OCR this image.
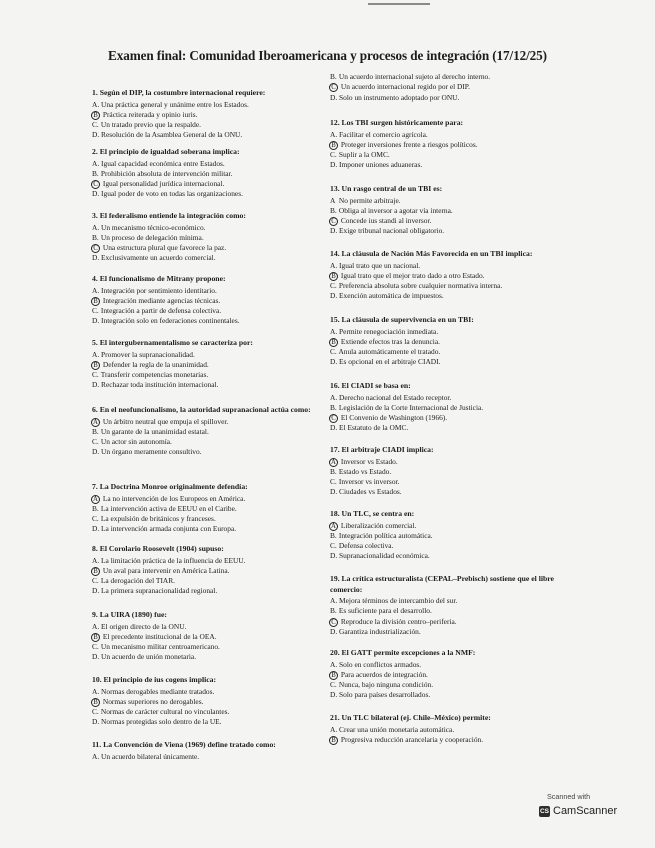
Examen final: Comunidad Iberoamericana y procesos de integración (17/12/25)
1. Según el DIP, la costumbre internacional requiere:
A. Una práctica general y unánime entre los Estados.
B Práctica reiterada y opinio iuris.
C. Un tratado previo que la respalde.
D. Resolución de la Asamblea General de la ONU.
2. El principio de igualdad soberana implica:
A. Igual capacidad económica entre Estados.
B. Prohibición absoluta de intervención militar.
C Igual personalidad jurídica internacional.
D. Igual poder de voto en todas las organizaciones.
3. El federalismo entiende la integración como:
A. Un mecanismo técnico-económico.
B. Un proceso de delegación mínima.
C Una estructura plural que favorece la paz.
D. Exclusivamente un acuerdo comercial.
4. El funcionalismo de Mitrany propone:
A. Integración por sentimiento identitario.
B Integración mediante agencias técnicas.
C. Integración a partir de defensa colectiva.
D. Integración solo en federaciones continentales.
5. El intergubernamentalismo se caracteriza por:
A. Promover la supranacionalidad.
B Defender la regla de la unanimidad.
C. Transferir competencias monetarias.
D. Rechazar toda institución internacional.
6. En el neofuncionalismo, la autoridad supranacional actúa como:
A Un árbitro neutral que empuja el spillover.
B. Un garante de la unanimidad estatal.
C. Un actor sin autonomía.
D. Un órgano meramente consultivo.
7. La Doctrina Monroe originalmente defendía:
A La no intervención de los Europeos en América.
B. La intervención activa de EEUU en el Caribe.
C. La expulsión de británicos y franceses.
D. La intervención armada conjunta con Europa.
8. El Corolario Roosevelt (1904) supuso:
A. La limitación práctica de la influencia de EEUU.
B Un aval para intervenir en América Latina.
C. La derogación del TIAR.
D. La primera supranacionalidad regional.
9. La UIRA (1890) fue:
A. El origen directo de la ONU.
B El precedente institucional de la OEA.
C. Un mecanismo militar centroamericano.
D. Un acuerdo de unión monetaria.
10. El principio de ius cogens implica:
A. Normas derogables mediante tratados.
B Normas superiores no derogables.
C. Normas de carácter cultural no vinculantes.
D. Normas protegidas solo dentro de la UE.
11. La Convención de Viena (1969) define tratado como:
A. Un acuerdo bilateral únicamente.
B. Un acuerdo internacional sujeto al derecho interno.
C Un acuerdo internacional regido por el DIP.
D. Solo un instrumento adoptado por ONU.
12. Los TBI surgen históricamente para:
A. Facilitar el comercio agrícola.
B Proteger inversiones frente a riesgos políticos.
C. Suplir a la OMC.
D. Imponer uniones aduaneras.
13. Un rasgo central de un TBI es:
A No permite arbitraje.
B. Obliga al inversor a agotar vía interna.
C Concede ius standi al inversor.
D. Exige tribunal nacional obligatorio.
14. La cláusula de Nación Más Favorecida en un TBI implica:
A. Igual trato que un nacional.
B Igual trato que el mejor trato dado a otro Estado.
C. Preferencia absoluta sobre cualquier normativa interna.
D. Exención automática de impuestos.
15. La cláusula de supervivencia en un TBI:
A. Permite renegociación inmediata.
B Extiende efectos tras la denuncia.
C. Anula automáticamente el tratado.
D. Es opcional en el arbitraje CIADI.
16. El CIADI se basa en:
A. Derecho nacional del Estado receptor.
B. Legislación de la Corte Internacional de Justicia.
C El Convenio de Washington (1966).
D. El Estatuto de la OMC.
17. El arbitraje CIADI implica:
A Inversor vs Estado.
B. Estado vs Estado.
C. Inversor vs inversor.
D. Ciudades vs Estados.
18. Un TLC, se centra en:
A Liberalización comercial.
B. Integración política automática.
C. Defensa colectiva.
D. Supranacionalidad económica.
19. La crítica estructuralista (CEPAL–Prebisch) sostiene que el libre comercio:
A. Mejora términos de intercambio del sur.
B. Es suficiente para el desarrollo.
C Reproduce la división centro–periferia.
D. Garantiza industrialización.
20. El GATT permite excepciones a la NMF:
A. Solo en conflictos armados.
B Para acuerdos de integración.
C. Nunca, bajo ninguna condición.
D. Solo para países desarrollados.
21. Un TLC bilateral (ej. Chile–México) permite:
A. Crear una unión monetaria automática.
B Progresiva reducción arancelaria y cooperación.
Scanned with
CS CamScanner
